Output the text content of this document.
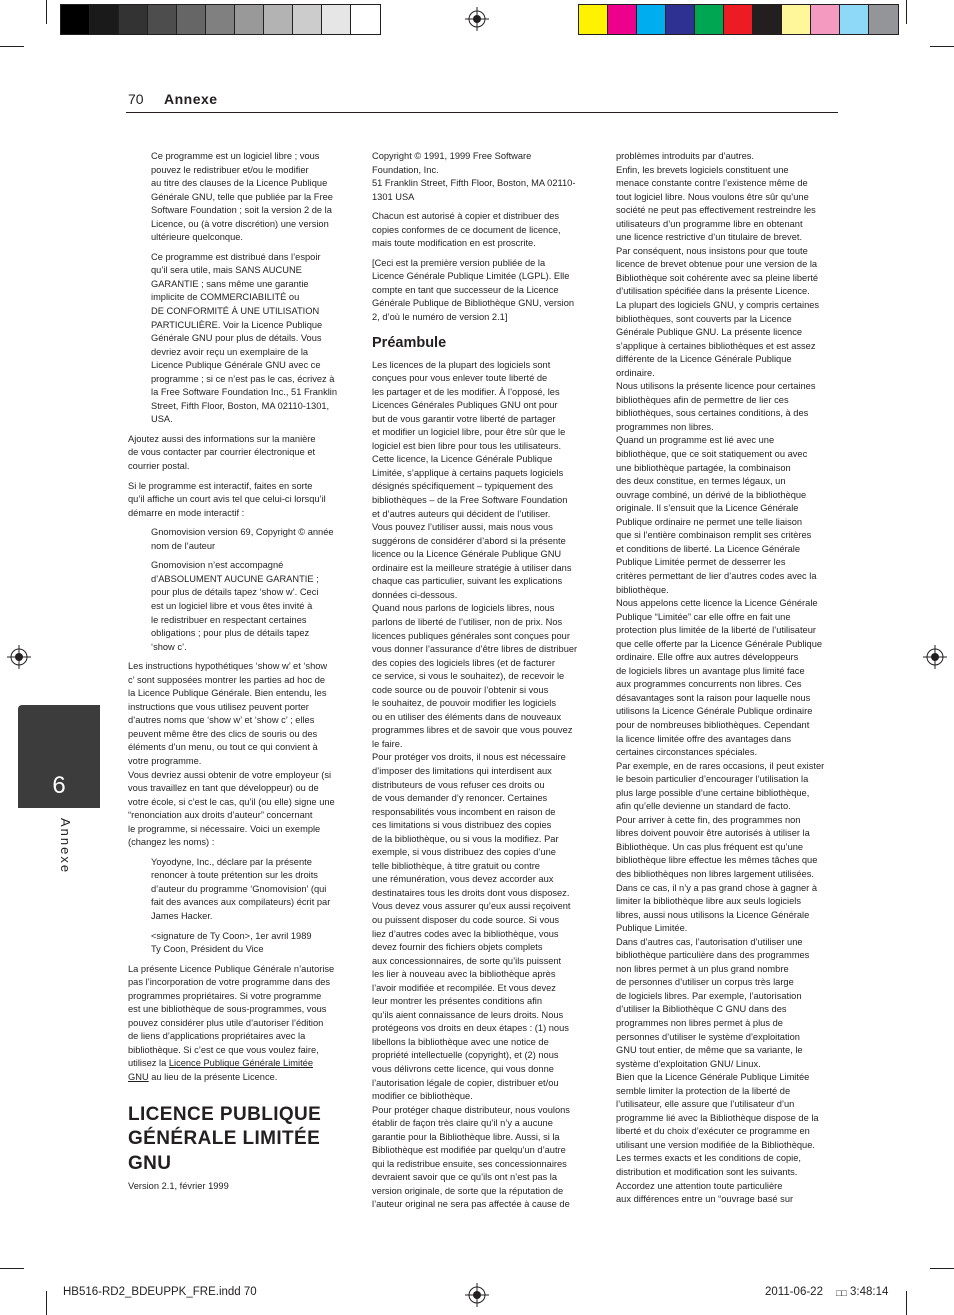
70 Annexe
6
Annexe

Ce programme est un logiciel libre ; vous
pouvez le redistribuer et/ou le modifier
au titre des clauses de la Licence Publique
Générale GNU, telle que publiée par la Free
Software Foundation ; soit la version 2 de la
Licence, ou (à votre discrétion) une version
ultérieure quelconque.

Ce programme est distribué dans l’espoir
qu’il sera utile, mais SANS AUCUNE
GARANTIE ; sans même une garantie
implicite de COMMERCIABILITÉ ou
DE CONFORMITÉ À UNE UTILISATION
PARTICULIÈRE. Voir la Licence Publique
Générale GNU pour plus de détails. Vous
devriez avoir reçu un exemplaire de la
Licence Publique Générale GNU avec ce
programme ; si ce n’est pas le cas, écrivez à
la Free Software Foundation Inc., 51 Franklin
Street, Fifth Floor, Boston, MA 02110-1301,
USA.

Ajoutez aussi des informations sur la manière
de vous contacter par courrier électronique et
courrier postal.

Si le programme est interactif, faites en sorte
qu’il affiche un court avis tel que celui-ci lorsqu’il
démarre en mode interactif :

Gnomovision version 69, Copyright © année
nom de l’auteur

Gnomovision n’est accompagné
d’ABSOLUMENT AUCUNE GARANTIE ;
pour plus de détails tapez ‘show w’. Ceci
est un logiciel libre et vous êtes invité à
le redistribuer en respectant certaines
obligations ; pour plus de détails tapez
‘show c’.

Les instructions hypothétiques ‘show w’ et ‘show
c’ sont supposées montrer les parties ad hoc de
la Licence Publique Générale. Bien entendu, les
instructions que vous utilisez peuvent porter
d’autres noms que ‘show w’ et ‘show c’ ; elles
peuvent même être des clics de souris ou des
éléments d’un menu, ou tout ce qui convient à
votre programme.
Vous devriez aussi obtenir de votre employeur (si
vous travaillez en tant que développeur) ou de
votre école, si c’est le cas, qu’il (ou elle) signe une
“renonciation aux droits d’auteur” concernant
le programme, si nécessaire. Voici un exemple
(changez les noms) :

Yoyodyne, Inc., déclare par la présente
renoncer à toute prétention sur les droits
d’auteur du programme ‘Gnomovision’ (qui
fait des avances aux compilateurs) écrit par
James Hacker.

<signature de Ty Coon>, 1er avril 1989
Ty Coon, Président du Vice

La présente Licence Publique Générale n’autorise
pas l’incorporation de votre programme dans des
programmes propriétaires. Si votre programme
est une bibliothèque de sous-programmes, vous
pouvez considérer plus utile d’autoriser l’édition
de liens d’applications propriétaires avec la
bibliothèque. Si c’est ce que vous voulez faire,
utilisez la Licence Publique Générale Limitée
GNU au lieu de la présente Licence.

LICENCE PUBLIQUE
GÉNÉRALE LIMITÉE
GNU

Version 2.1, février 1999

Copyright © 1991, 1999 Free Software
Foundation, Inc.
51 Franklin Street, Fifth Floor, Boston, MA 02110-
1301 USA

Chacun est autorisé à copier et distribuer des
copies conformes de ce document de licence,
mais toute modification en est proscrite.

[Ceci est la première version publiée de la
Licence Générale Publique Limitée (LGPL). Elle
compte en tant que successeur de la Licence
Générale Publique de Bibliothèque GNU, version
2, d’où le numéro de version 2.1]

Préambule

Les licences de la plupart des logiciels sont
conçues pour vous enlever toute liberté de
les partager et de les modifier. À l’opposé, les
Licences Générales Publiques GNU ont pour
but de vous garantir votre liberté de partager
et modifier un logiciel libre, pour être sûr que le
logiciel est bien libre pour tous les utilisateurs.
Cette licence, la Licence Générale Publique
Limitée, s’applique à certains paquets logiciels
désignés spécifiquement – typiquement des
bibliothèques – de la Free Software Foundation
et d’autres auteurs qui décident de l’utiliser.
Vous pouvez l’utiliser aussi, mais nous vous
suggérons de considérer d’abord si la présente
licence ou la Licence Générale Publique GNU
ordinaire est la meilleure stratégie à utiliser dans
chaque cas particulier, suivant les explications
données ci-dessous.
Quand nous parlons de logiciels libres, nous
parlons de liberté de l’utiliser, non de prix. Nos
licences publiques générales sont conçues pour
vous donner l’assurance d’être libres de distribuer
des copies des logiciels libres (et de facturer
ce service, si vous le souhaitez), de recevoir le
code source ou de pouvoir l’obtenir si vous
le souhaitez, de pouvoir modifier les logiciels
ou en utiliser des éléments dans de nouveaux
programmes libres et de savoir que vous pouvez
le faire.
Pour protéger vos droits, il nous est nécessaire
d’imposer des limitations qui interdisent aux
distributeurs de vous refuser ces droits ou
de vous demander d’y renoncer. Certaines
responsabilités vous incombent en raison de
ces limitations si vous distribuez des copies
de la bibliothèque, ou si vous la modifiez. Par
exemple, si vous distribuez des copies d’une
telle bibliothèque, à titre gratuit ou contre
une rémunération, vous devez accorder aux
destinataires tous les droits dont vous disposez.
Vous devez vous assurer qu’eux aussi reçoivent
ou puissent disposer du code source. Si vous
liez d’autres codes avec la bibliothèque, vous
devez fournir des fichiers objets complets
aux concessionnaires, de sorte qu’ils puissent
les lier à nouveau avec la bibliothèque après
l’avoir modifiée et recompilée. Et vous devez
leur montrer les présentes conditions afin
qu’ils aient connaissance de leurs droits. Nous
protégeons vos droits en deux étapes : (1) nous
libellons la bibliothèque avec une notice de
propriété intellectuelle (copyright), et (2) nous
vous délivrons cette licence, qui vous donne
l’autorisation légale de copier, distribuer et/ou
modifier ce bibliothèque.
Pour protéger chaque distributeur, nous voulons
établir de façon très claire qu’il n’y a aucune
garantie pour la Bibliothèque libre. Aussi, si la
Bibliothèque est modifiée par quelqu’un d’autre
qui la redistribue ensuite, ses concessionnaires
devraient savoir que ce qu’ils ont n’est pas la
version originale, de sorte que la réputation de
l’auteur original ne sera pas affectée à cause de

problèmes introduits par d’autres.
Enfin, les brevets logiciels constituent une
menace constante contre l’existence même de
tout logiciel libre. Nous voulons être sûr qu’une
société ne peut pas effectivement restreindre les
utilisateurs d’un programme libre en obtenant
une licence restrictive d’un titulaire de brevet.
Par conséquent, nous insistons pour que toute
licence de brevet obtenue pour une version de la
Bibliothèque soit cohérente avec sa pleine liberté
d’utilisation spécifiée dans la présente Licence.
La plupart des logiciels GNU, y compris certaines
bibliothèques, sont couverts par la Licence
Générale Publique GNU. La présente licence
s’applique à certaines bibliothèques et est assez
différente de la Licence Générale Publique
ordinaire.
Nous utilisons la présente licence pour certaines
bibliothèques afin de permettre de lier ces
bibliothèques, sous certaines conditions, à des
programmes non libres.
Quand un programme est lié avec une
bibliothèque, que ce soit statiquement ou avec
une bibliothèque partagée, la combinaison
des deux constitue, en termes légaux, un
ouvrage combiné, un dérivé de la bibliothèque
originale. Il s’ensuit que la Licence Générale
Publique ordinaire ne permet une telle liaison
que si l’entière combinaison remplit ses critères
et conditions de liberté. La Licence Générale
Publique Limitée permet de desserrer les
critères permettant de lier d’autres codes avec la
bibliothèque.
Nous appelons cette licence la Licence Générale
Publique “Limitée” car elle offre en fait une
protection plus limitée de la liberté de l’utilisateur
que celle offerte par la Licence Générale Publique
ordinaire. Elle offre aux autres développeurs
de logiciels libres un avantage plus limité face
aux programmes concurrents non libres. Ces
désavantages sont la raison pour laquelle nous
utilisons la Licence Générale Publique ordinaire
pour de nombreuses bibliothèques. Cependant
la licence limitée offre des avantages dans
certaines circonstances spéciales.
Par exemple, en de rares occasions, il peut exister
le besoin particulier d’encourager l’utilisation la
plus large possible d’une certaine bibliothèque,
afin qu’elle devienne un standard de facto.
Pour arriver à cette fin, des programmes non
libres doivent pouvoir être autorisés à utiliser la
Bibliothèque. Un cas plus fréquent est qu’une
bibliothèque libre effectue les mêmes tâches que
des bibliothèques non libres largement utilisées.
Dans ce cas, il n’y a pas grand chose à gagner à
limiter la bibliothèque libre aux seuls logiciels
libres, aussi nous utilisons la Licence Générale
Publique Limitée.
Dans d’autres cas, l’autorisation d’utiliser une
bibliothèque particulière dans des programmes
non libres permet à un plus grand nombre
de personnes d’utiliser un corpus très large
de logiciels libres. Par exemple, l’autorisation
d’utiliser la Bibliothèque C GNU dans des
programmes non libres permet à plus de
personnes d’utiliser le système d’exploitation
GNU tout entier, de même que sa variante, le
système d’exploitation GNU/ Linux.
Bien que la Licence Générale Publique Limitée
semble limiter la protection de la liberté de
l’utilisateur, elle assure que l’utilisateur d’un
programme lié avec la Bibliothèque dispose de la
liberté et du choix d’exécuter ce programme en
utilisant une version modifiée de la Bibliothèque.
Les termes exacts et les conditions de copie,
distribution et modification sont les suivants.
Accordez une attention toute particulière
aux différences entre un “ouvrage basé sur

HB516-RD2_BDEUPPK_FRE.indd 70	2011-06-22 □□ 3:48:14
